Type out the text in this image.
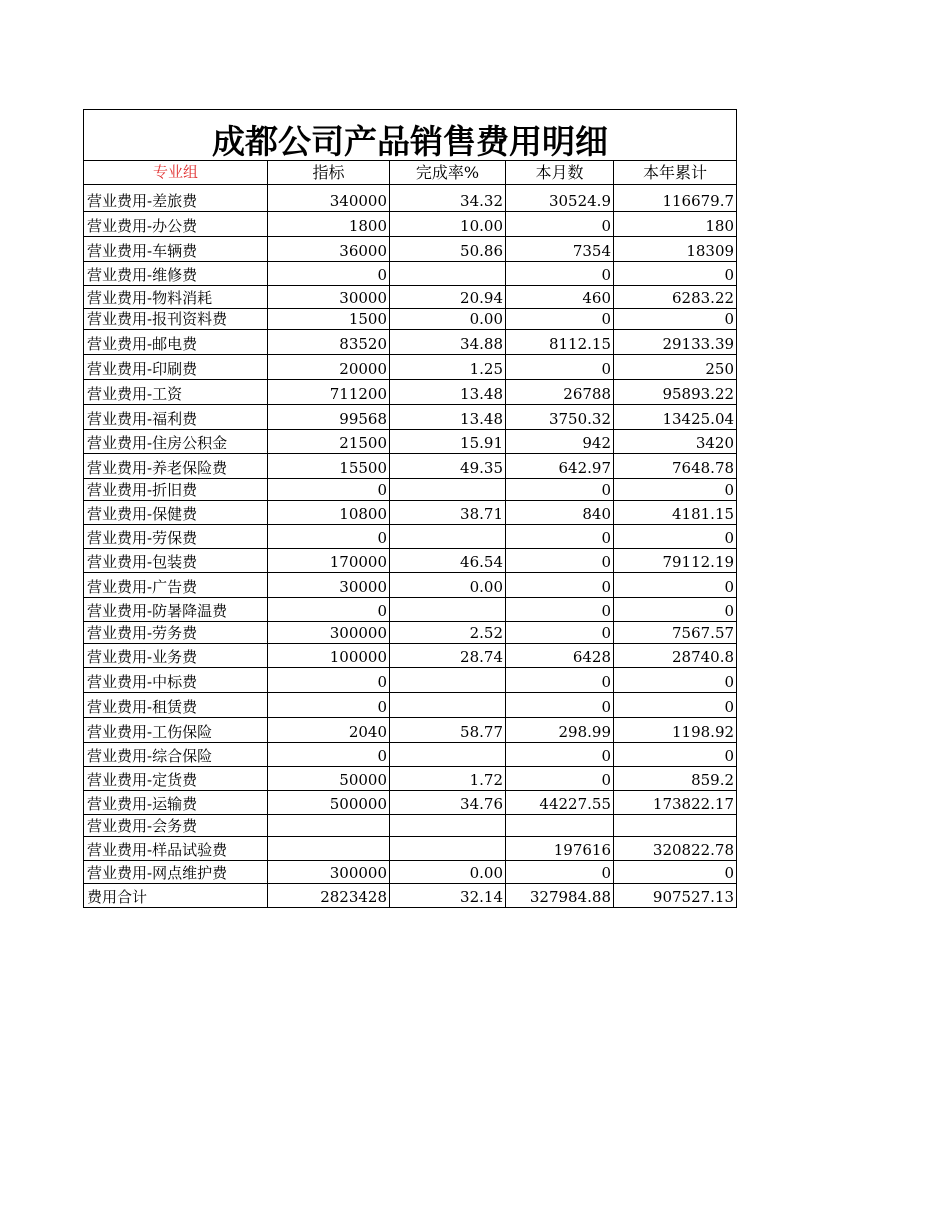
成都公司产品销售费用明细				
专业组	指标	完成率%	本月数	本年累计
营业费用-差旅费	340000	34.32	30524.9	116679.7
营业费用-办公费	1800	10.00	0	180
营业费用-车辆费	36000	50.86	7354	18309
营业费用-维修费	0		0	0
营业费用-物料消耗	30000	20.94	460	6283.22
营业费用-报刊资料费	1500	0.00	0	0
营业费用-邮电费	83520	34.88	8112.15	29133.39
营业费用-印刷费	20000	1.25	0	250
营业费用-工资	711200	13.48	26788	95893.22
营业费用-福利费	99568	13.48	3750.32	13425.04
营业费用-住房公积金	21500	15.91	942	3420
营业费用-养老保险费	15500	49.35	642.97	7648.78
营业费用-折旧费	0		0	0
营业费用-保健费	10800	38.71	840	4181.15
营业费用-劳保费	0		0	0
营业费用-包装费	170000	46.54	0	79112.19
营业费用-广告费	30000	0.00	0	0
营业费用-防暑降温费	0		0	0
营业费用-劳务费	300000	2.52	0	7567.57
营业费用-业务费	100000	28.74	6428	28740.8
营业费用-中标费	0		0	0
营业费用-租赁费	0		0	0
营业费用-工伤保险	2040	58.77	298.99	1198.92
营业费用-综合保险	0		0	0
营业费用-定货费	50000	1.72	0	859.2
营业费用-运输费	500000	34.76	44227.55	173822.17
营业费用-会务费				
营业费用-样品试验费			197616	320822.78
营业费用-网点维护费	300000	0.00	0	0
费用合计	2823428	32.14	327984.88	907527.13
